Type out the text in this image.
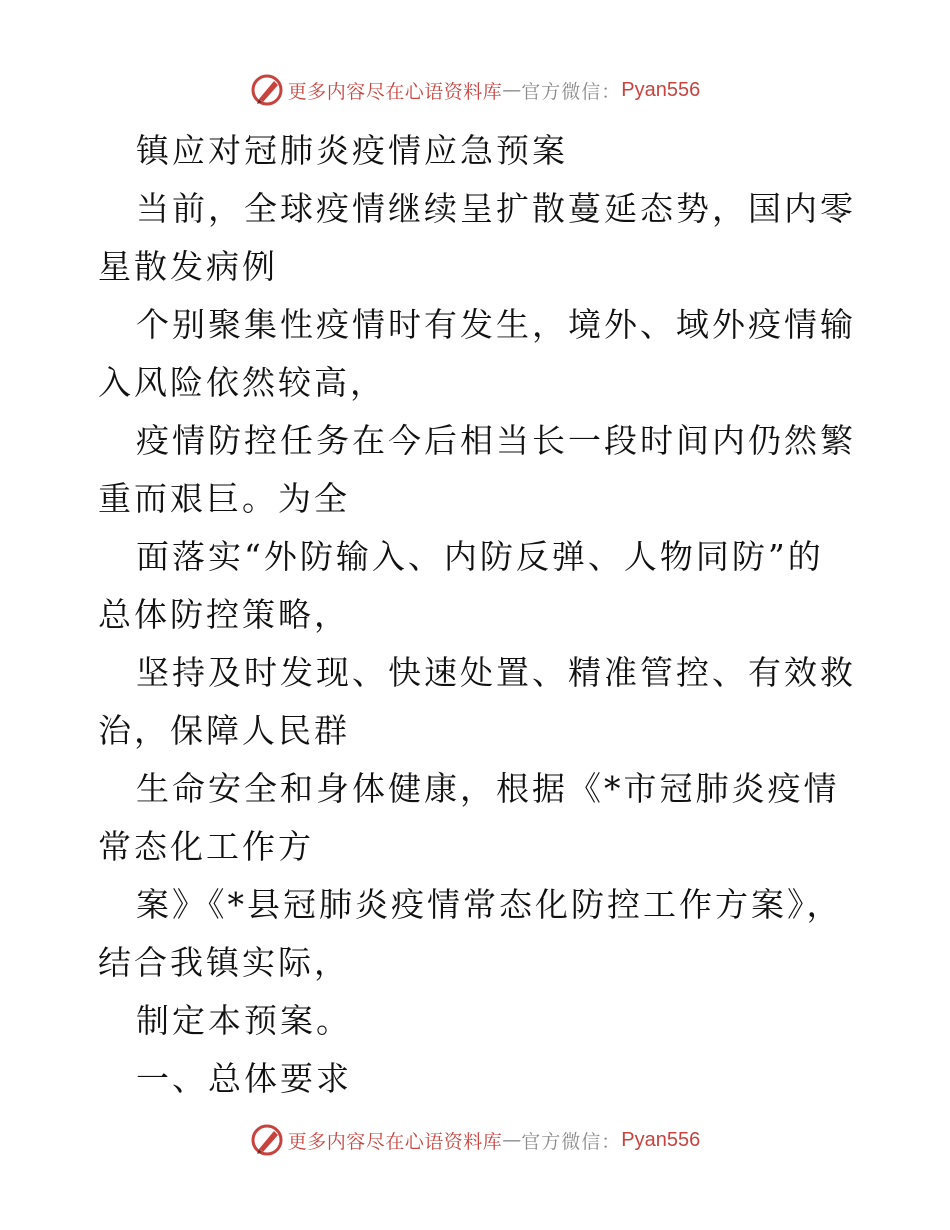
更多内容尽在心语资料库 — 官方微信： Pyan556

镇应对冠肺炎疫情应急预案

当前，全球疫情继续呈扩散蔓延态势，国内零星散发病例

个别聚集性疫情时有发生，境外、域外疫情输入风险依然较高，

疫情防控任务在今后相当长一段时间内仍然繁重而艰巨。为全

面落实“外防输入、内防反弹、人物同防”的总体防控策略，

坚持及时发现、快速处置、精准管控、有效救治，保障人民群

生命安全和身体健康，根据《*市冠肺炎疫情常态化工作方

案》《*县冠肺炎疫情常态化防控工作方案》，结合我镇实际，

制定本预案。

一、总体要求

更多内容尽在心语资料库 — 官方微信： Pyan556
